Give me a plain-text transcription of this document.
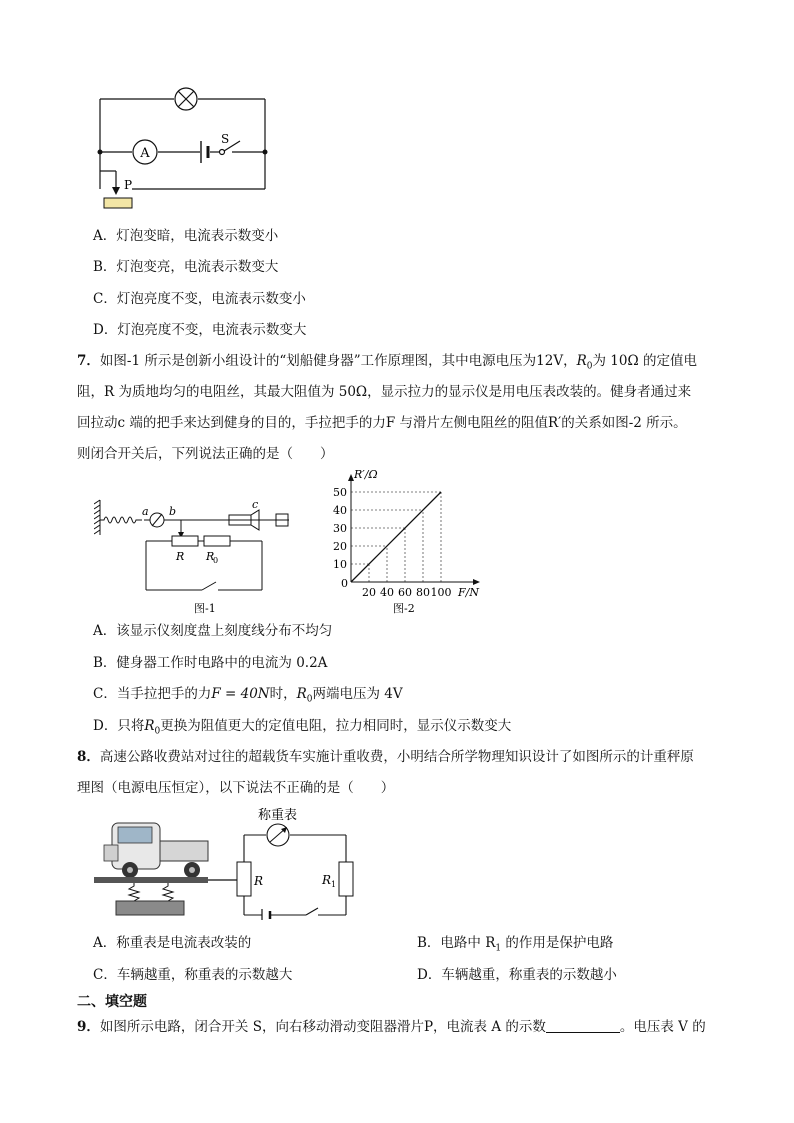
A
S
P
A．灯泡变暗，电流表示数变小
B．灯泡变亮，电流表示数变大
C．灯泡亮度不变，电流表示数变小
D．灯泡亮度不变，电流表示数变大
7．如图-1 所示是创新小组设计的“划船健身器”工作原理图，其中电源电压为12V，$R_0$为 10Ω 的定值电
阻，R 为质地均匀的电阻丝，其最大阻值为 50Ω，显示拉力的显示仪是用电压表改装的。健身者通过来
回拉动c 端的把手来达到健身的目的，手拉把手的力F 与滑片左侧电阻丝的阻值R′的关系如图-2 所示。
则闭合开关后，下列说法正确的是（　　）
a b
c
R R
0
图-1
20 40 60 80 100
10
20
30
40
50
R′/Ω
F/N
0
图-2
A．该显示仪刻度盘上刻度线分布不均匀
B．健身器工作时电路中的电流为 0.2A
C．当手拉把手的力F = 40N时，$R_0$两端电压为 4V
D．只将$R_0$更换为阻值更大的定值电阻，拉力相同时，显示仪示数变大
8．高速公路收费站对过往的超载货车实施计重收费，小明结合所学物理知识设计了如图所示的计重秤原
理图（电源电压恒定），以下说法不正确的是（　　）
称重表
R	R 1
A．称重表是电流表改装的	B．电路中 $R_1$ 的作用是保护电路
C．车辆越重，称重表的示数越大	D．车辆越重，称重表的示数越小
二、填空题
9．如图所示电路，闭合开关 S，向右移动滑动变阻器滑片P，电流表 A 的示数	。电压表 V 的
